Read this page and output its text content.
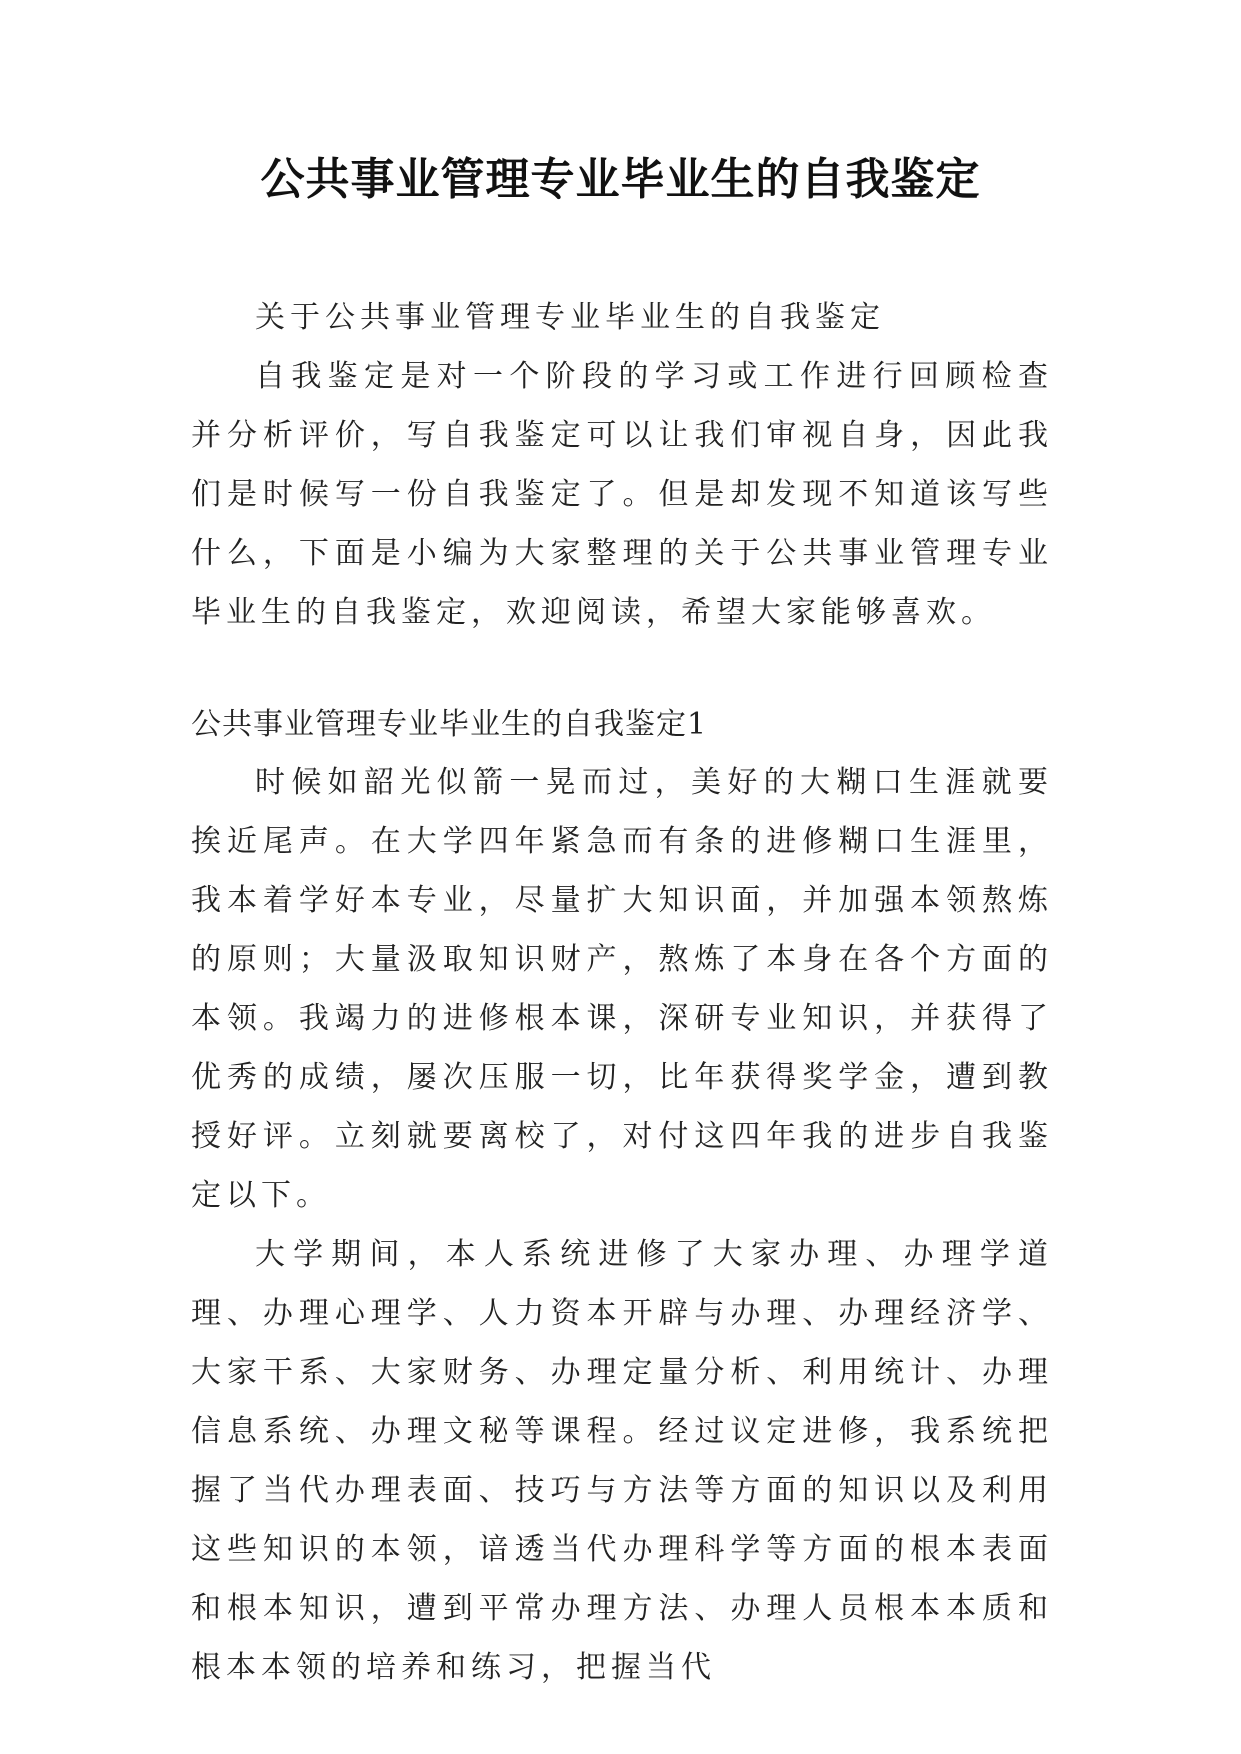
公共事业管理专业毕业生的自我鉴定

关于公共事业管理专业毕业生的自我鉴定

自我鉴定是对一个阶段的学习或工作进行回顾检查并分析评价，写自我鉴定可以让我们审视自身，因此我们是时候写一份自我鉴定了。但是却发现不知道该写些什么，下面是小编为大家整理的关于公共事业管理专业毕业生的自我鉴定，欢迎阅读，希望大家能够喜欢。

公共事业管理专业毕业生的自我鉴定1

时候如韶光似箭一晃而过，美好的大糊口生涯就要挨近尾声。在大学四年紧急而有条的进修糊口生涯里，我本着学好本专业，尽量扩大知识面，并加强本领熬炼的原则；大量汲取知识财产，熬炼了本身在各个方面的本领。我竭力的进修根本课，深研专业知识，并获得了优秀的成绩，屡次压服一切，比年获得奖学金，遭到教授好评。立刻就要离校了，对付这四年我的进步自我鉴定以下。

大学期间，本人系统进修了大家办理、办理学道理、办理心理学、人力资本开辟与办理、办理经济学、大家干系、大家财务、办理定量分析、利用统计、办理信息系统、办理文秘等课程。经过议定进修，我系统把握了当代办理表面、技巧与方法等方面的知识以及利用这些知识的本领，谙透当代办理科学等方面的根本表面和根本知识，遭到平常办理方法、办理人员根本本质和根本本领的培养和练习，把握当代
